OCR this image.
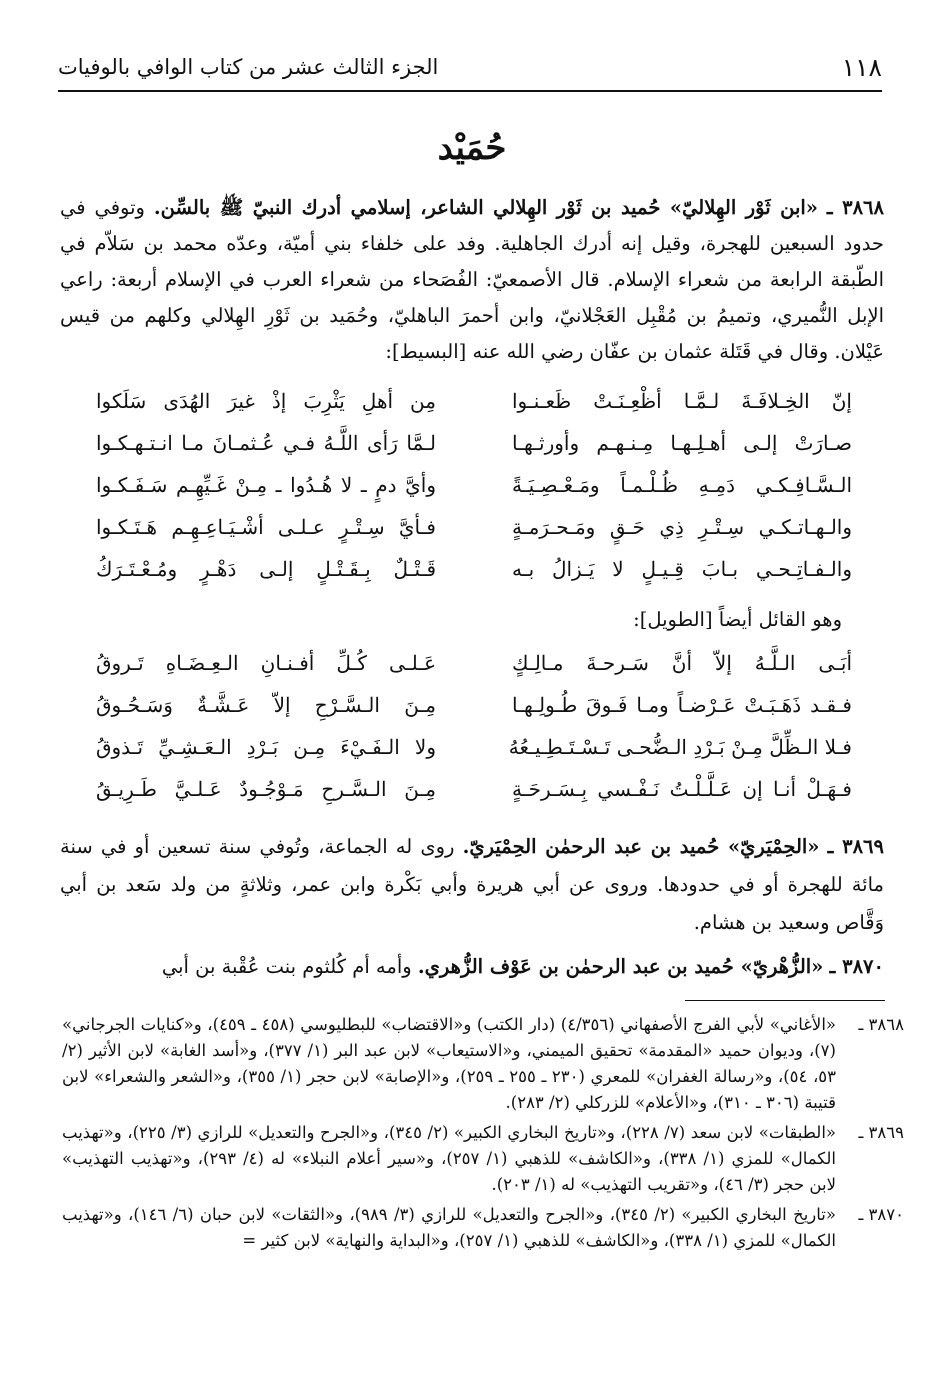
١١٨
الجزء الثالث عشر من كتاب الوافي بالوفيات
حُمَيْد

٣٨٦٨ ـ «ابن ثَوْر الهِلاليّ» حُميد بن ثَوْر الهِلالي الشاعر، إسلامي أدرك النبيّ ﷺ بالسِّن. وتوفي في حدود السبعين للهجرة، وقيل إنه أدرك الجاهلية. وفد على خلفاء بني أميّة، وعدّه محمد بن سَلاّم في الطّبقة الرابعة من شعراء الإسلام. قال الأصمعيّ: الفُصَحاء من شعراء العرب في الإسلام أربعة: راعي الإبل النُّميري، وتميمُ بن مُقْبِل العَجْلانيّ، وابن أحمرَ الباهليّ، وحُمَيد بن ثَوْرِ الهِلالي وكلهم من قيس عَيْلان. وقال في قَتَلة عثمان بن عفّان رضي الله عنه [البسيط]:

إنّ الخِـلافَـةَ لـمَّـا أظْعِـنَـتْ ظَعـنـوا
مِن أهلِ يَثْرِبَ إذْ غيرَ الهُدَى سَلَكوا
صـارَتْ إلـى أهـلِـهـا مِـنـهـم وأورثـهـا
لـمَّا رَأى اللَّـهُ فـي عُـثمـانَ مـا انـتـهـكـوا
الـسَّـافِـكـي دَمِـهِ ظُـلْـمـاً ومَـعْـصِـيَـةً
وأيَّ دمٍ ـ لا هُـدُوا ـ مِـنْ غَـيِّهِـم سَـفَـكـوا
والـهـاتـكـي سِـتْـرِ ذِي حَـقٍ ومَـحـرَمـةٍ
فـأيَّ سِـتْـرٍ عـلـى أشْـيَـاعِـهِـم هَـتَـكـوا
والـفـاتِـحـي بـابَ قِـيـلٍ لا يَـزالُ بـه
قَـتْـلٌ بِـقَـتْـلٍ إلـى دَهْـرٍ ومُـعْـتَـرَكُ
وهو القائل أيضاً [الطويل]:
أبَـى الـلَّـهُ إلاّ أنَّ سَـرحـةَ مـالِـكٍ
عَـلـى كُـلِّ أفـنـانِ الـعِـضَـاهِ تَـروقُ
فـقـد ذَهَـبَـتْ عَـرْضـاً ومـا فَـوقَ طُـولِـهـا
مِـنَ الـسَّـرْحِ إلاّ عَـشَّـةٌ وَسَـحُـوقُ
فـلا الـظِّلَّ مِـنْ بَـرْدِ الـضُّحـى تَـسْـتَـطِـيـعُهُ
ولا الـفَـيْءَ مِـن بَـرْدِ الـعَـشِـيِّ تَـذوقُ
فـهَـلْ أنـا إن عَـلَّـلْـتُ نَـفْـسي بِـسَـرحَـةٍ
مِـنَ الـسَّـرحِ مَـوْجُـودٌ عَـلـيَّ طَـرِيـقُ

٣٨٦٩ ـ «الحِمْيَريّ» حُميد بن عبد الرحمٰن الحِمْيَريّ. روى له الجماعة، وتُوفي سنة تسعين أو في سنة مائة للهجرة أو في حدودها. وروى عن أبي هريرة وأبي بَكْرة وابن عمر، وثلاثةٍ من ولد سَعد بن أبي وَقَّاص وسعيد بن هشام.

٣٨٧٠ ـ «الزُّهْريّ» حُميد بن عبد الرحمٰن بن عَوْف الزُّهري. وأمه أم كُلثوم بنت عُقْبة بن أبي

٣٨٦٨ ـ
«الأغاني» لأبي الفرج الأصفهاني (٤/٣٥٦) (دار الكتب) و«الاقتضاب» للبطليوسي (٤٥٨ ـ ٤٥٩)، و«كنايات الجرجاني» (٧)، وديوان حميد «المقدمة» تحقيق الميمني، و«الاستيعاب» لابن عبد البر (١/ ٣٧٧)، و«أسد الغابة» لابن الأثير (٢/ ٥٣، ٥٤)، و«رسالة الغفران» للمعري (٢٣٠ ـ ٢٥٥ ـ ٢٥٩)، و«الإصابة» لابن حجر (١/ ٣٥٥)، و«الشعر والشعراء» لابن قتيبة (٣٠٦ ـ ٣١٠)، و«الأعلام» للزركلي (٢/ ٢٨٣).
٣٨٦٩ ـ
«الطبقات» لابن سعد (٧/ ٢٢٨)، و«تاريخ البخاري الكبير» (٢/ ٣٤٥)، و«الجرح والتعديل» للرازي (٣/ ٢٢٥)، و«تهذيب الكمال» للمزي (١/ ٣٣٨)، و«الكاشف» للذهبي (١/ ٢٥٧)، و«سير أعلام النبلاء» له (٤/ ٢٩٣)، و«تهذيب التهذيب» لابن حجر (٣/ ٤٦)، و«تقريب التهذيب» له (١/ ٢٠٣).
٣٨٧٠ ـ
«تاريخ البخاري الكبير» (٢/ ٣٤٥)، و«الجرح والتعديل» للرازي (٣/ ٩٨٩)، و«الثقات» لابن حبان (٦/ ١٤٦)، و«تهذيب الكمال» للمزي (١/ ٣٣٨)، و«الكاشف» للذهبي (١/ ٢٥٧)، و«البداية والنهاية» لابن كثير =
